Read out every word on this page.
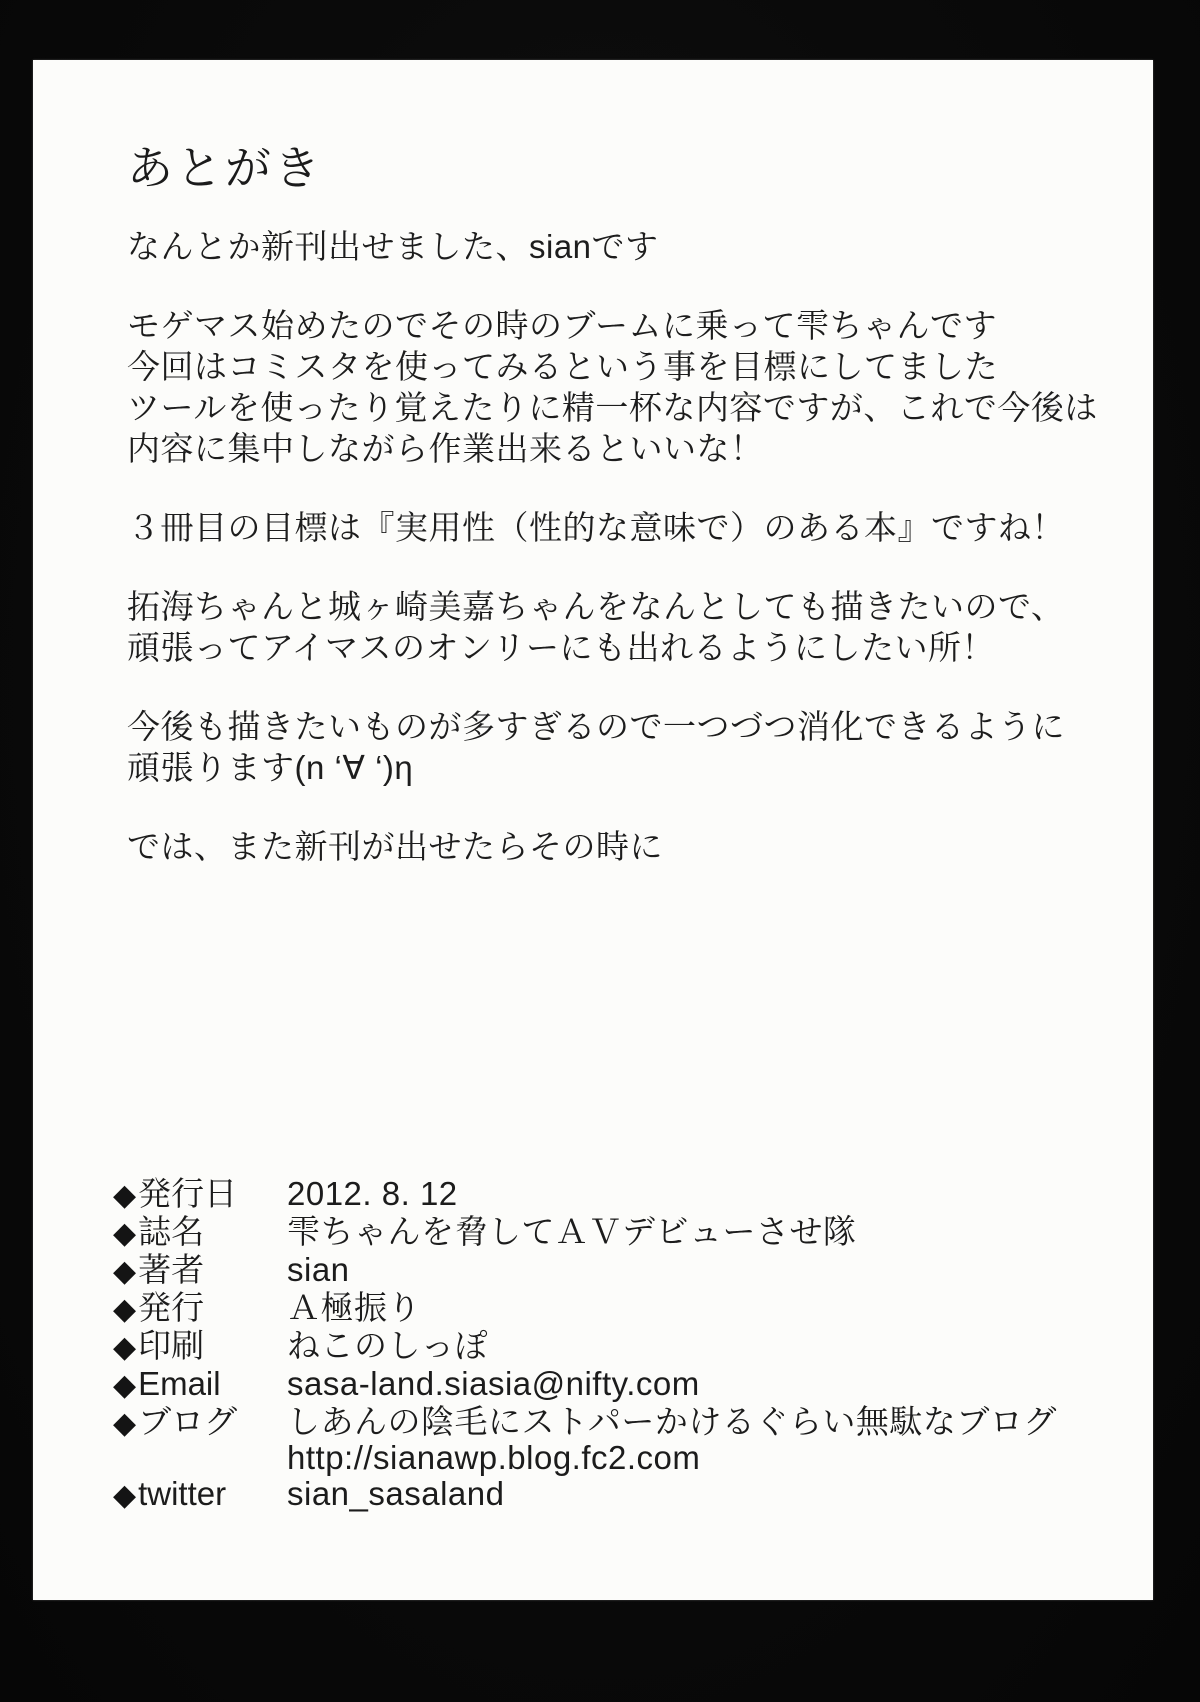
あとがき

なんとか新刊出せました、sianです

モゲマス始めたのでその時のブームに乗って雫ちゃんです
今回はコミスタを使ってみるという事を目標にしてました
ツールを使ったり覚えたりに精一杯な内容ですが、これで今後は
内容に集中しながら作業出来るといいな！

３冊目の目標は『実用性（性的な意味で）のある本』ですね！

拓海ちゃんと城ヶ崎美嘉ちゃんをなんとしても描きたいので、
頑張ってアイマスのオンリーにも出れるようにしたい所！

今後も描きたいものが多すぎるので一つづつ消化できるように
頑張ります(n ‘∀ ‘)η

では、また新刊が出せたらその時に

◆ 発行日 2012. 8. 12
◆ 誌名	雫ちゃんを脅してＡＶデビューさせ隊
◆ 著者	sian
◆ 発行	Ａ極振り
◆ 印刷	ねこのしっぽ
◆ Email sasa-land.siasia@nifty.com
◆ ブログ しあんの陰毛にストパーかけるぐらい無駄なブログ
http://sianawp.blog.fc2.com
◆ twitter sian_sasaland
